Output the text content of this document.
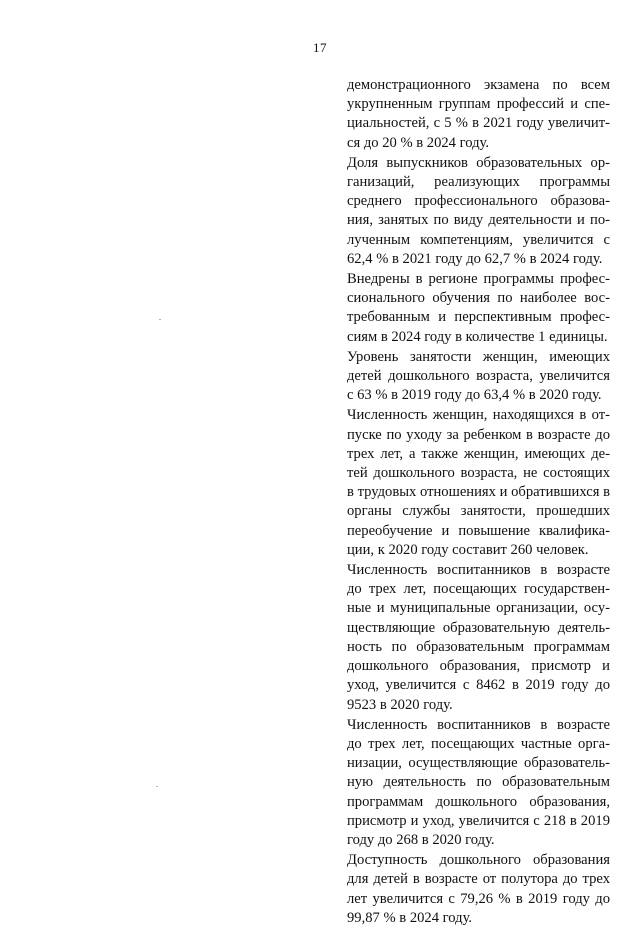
17

демонстрационного экзамена по всем укрупненным группам профессий и специальностей, с 5 % в 2021 году увеличится до 20 % в 2024 году.

Доля выпускников образовательных организаций, реализующих программы среднего профессионального образования, занятых по виду деятельности и полученным компетенциям, увеличится с 62,4 % в 2021 году до 62,7 % в 2024 году.

Внедрены в регионе программы профессионального обучения по наиболее востребованным и перспективным профессиям в 2024 году в количестве 1 единицы.

Уровень занятости женщин, имеющих детей дошкольного возраста, увеличится с 63 % в 2019 году до 63,4 % в 2020 году.

Численность женщин, находящихся в отпуске по уходу за ребенком в возрасте до трех лет, а также женщин, имеющих детей дошкольного возраста, не состоящих в трудовых отношениях и обратившихся в органы службы занятости, прошедших переобучение и повышение квалификации, к 2020 году составит 260 человек.

Численность воспитанников в возрасте до трех лет, посещающих государственные и муниципальные организации, осуществляющие образовательную деятельность по образовательным программам дошкольного образования, присмотр и уход, увеличится с 8462 в 2019 году до 9523 в 2020 году.

Численность воспитанников в возрасте до трех лет, посещающих частные организации, осуществляющие образовательную деятельность по образовательным программам дошкольного образования, присмотр и уход, увеличится с 218 в 2019 году до 268 в 2020 году.

Доступность дошкольного образования для детей в возрасте от полутора до трех лет увеличится с 79,26 % в 2019 году до 99,87 % в 2024 году.
